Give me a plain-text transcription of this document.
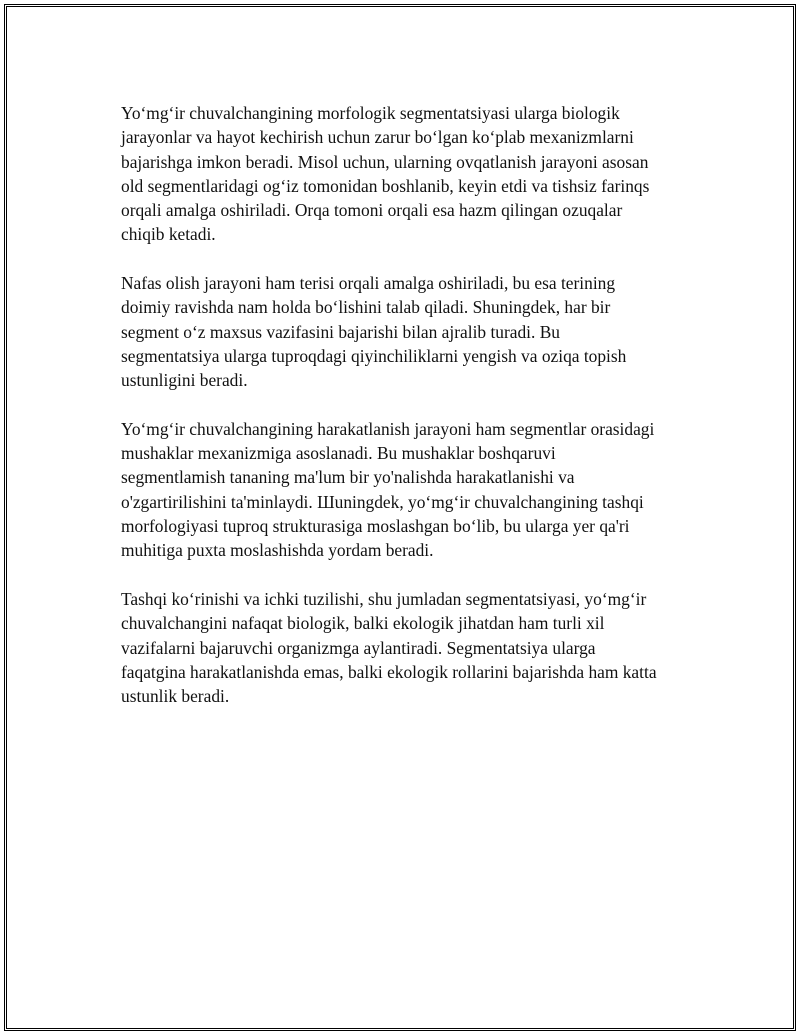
Yo‘mg‘ir chuvalchangining morfologik segmentatsiyasi ularga biologik
jarayonlar va hayot kechirish uchun zarur bo‘lgan ko‘plab mexanizmlarni
bajarishga imkon beradi. Misol uchun, ularning ovqatlanish jarayoni asosan
old segmentlaridagi og‘iz tomonidan boshlanib, keyin etdi va tishsiz farinqs
orqali amalga oshiriladi. Orqa tomoni orqali esa hazm qilingan ozuqalar
chiqib ketadi.

Nafas olish jarayoni ham terisi orqali amalga oshiriladi, bu esa terining
doimiy ravishda nam holda bo‘lishini talab qiladi. Shuningdek, har bir
segment o‘z maxsus vazifasini bajarishi bilan ajralib turadi. Bu
segmentatsiya ularga tuproqdagi qiyinchiliklarni yengish va oziqa topish
ustunligini beradi.

Yo‘mg‘ir chuvalchangining harakatlanish jarayoni ham segmentlar orasidagi
mushaklar mexanizmiga asoslanadi. Bu mushaklar boshqaruvi
segmentlamish tananing ma'lum bir yo'nalishda harakatlanishi va
o'zgartirilishini ta'minlaydi. Шuningdek, yo‘mg‘ir chuvalchangining tashqi
morfologiyasi tuproq strukturasiga moslashgan bo‘lib, bu ularga yer qa'ri
muhitiga puxta moslashishda yordam beradi.

Tashqi ko‘rinishi va ichki tuzilishi, shu jumladan segmentatsiyasi, yo‘mg‘ir
chuvalchangini nafaqat biologik, balki ekologik jihatdan ham turli xil
vazifalarni bajaruvchi organizmga aylantiradi. Segmentatsiya ularga
faqatgina harakatlanishda emas, balki ekologik rollarini bajarishda ham katta
ustunlik beradi.
